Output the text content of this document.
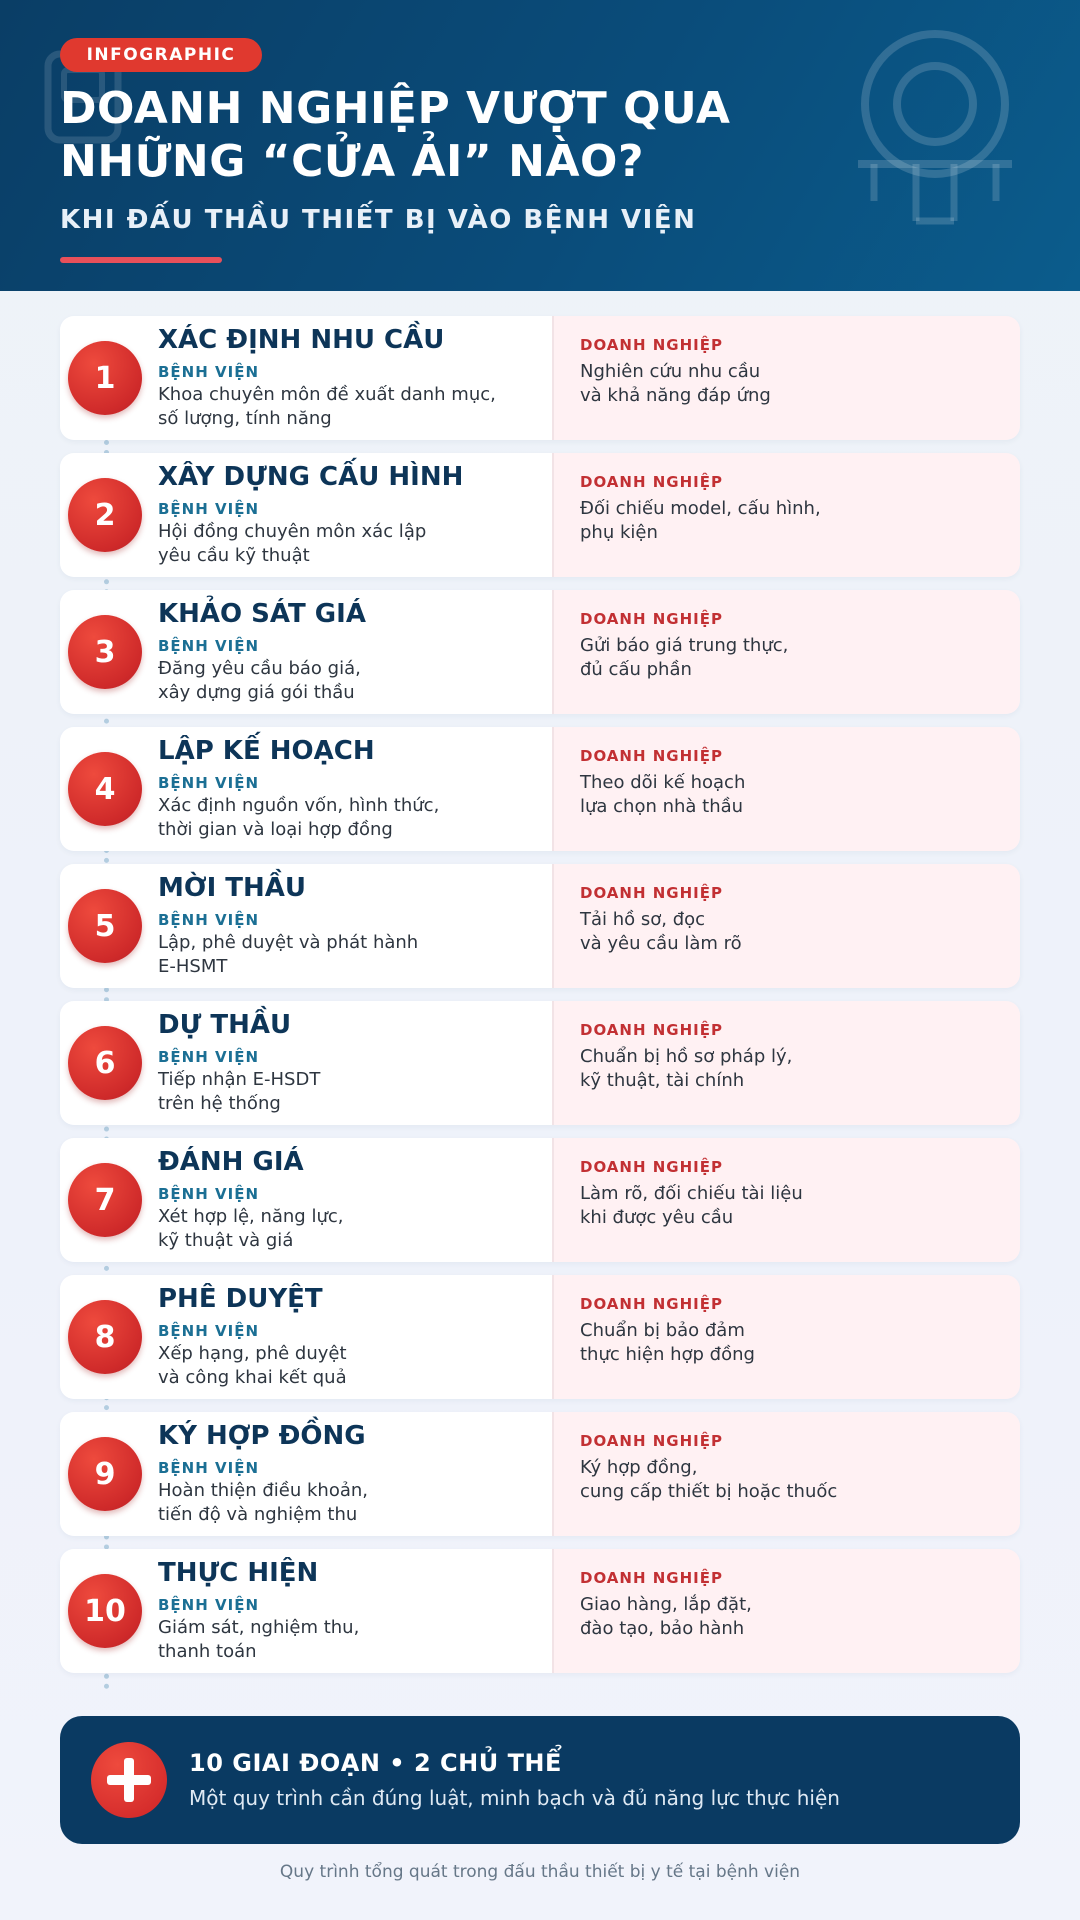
INFOGRAPHIC
DOANH NGHIỆP VƯỢT QUA
NHỮNG “CỬA ẢI” NÀO?
KHI ĐẤU THẦU THIẾT BỊ VÀO BỆNH VIỆN
1
XÁC ĐỊNH NHU CẦU
BỆNH VIỆN
Khoa chuyên môn đề xuất danh mục,
số lượng, tính năng
DOANH NGHIỆP
Nghiên cứu nhu cầu
và khả năng đáp ứng
2
XÂY DỰNG CẤU HÌNH
BỆNH VIỆN
Hội đồng chuyên môn xác lập
yêu cầu kỹ thuật
DOANH NGHIỆP
Đối chiếu model, cấu hình,
phụ kiện
3
KHẢO SÁT GIÁ
BỆNH VIỆN
Đăng yêu cầu báo giá,
xây dựng giá gói thầu
DOANH NGHIỆP
Gửi báo giá trung thực,
đủ cấu phần
4
LẬP KẾ HOẠCH
BỆNH VIỆN
Xác định nguồn vốn, hình thức,
thời gian và loại hợp đồng
DOANH NGHIỆP
Theo dõi kế hoạch
lựa chọn nhà thầu
5
MỜI THẦU
BỆNH VIỆN
Lập, phê duyệt và phát hành
E-HSMT
DOANH NGHIỆP
Tải hồ sơ, đọc
và yêu cầu làm rõ
6
DỰ THẦU
BỆNH VIỆN
Tiếp nhận E-HSDT
trên hệ thống
DOANH NGHIỆP
Chuẩn bị hồ sơ pháp lý,
kỹ thuật, tài chính
7
ĐÁNH GIÁ
BỆNH VIỆN
Xét hợp lệ, năng lực,
kỹ thuật và giá
DOANH NGHIỆP
Làm rõ, đối chiếu tài liệu
khi được yêu cầu
8
PHÊ DUYỆT
BỆNH VIỆN
Xếp hạng, phê duyệt
và công khai kết quả
DOANH NGHIỆP
Chuẩn bị bảo đảm
thực hiện hợp đồng
9
KÝ HỢP ĐỒNG
BỆNH VIỆN
Hoàn thiện điều khoản,
tiến độ và nghiệm thu
DOANH NGHIỆP
Ký hợp đồng,
cung cấp thiết bị hoặc thuốc
10
THỰC HIỆN
BỆNH VIỆN
Giám sát, nghiệm thu,
thanh toán
DOANH NGHIỆP
Giao hàng, lắp đặt,
đào tạo, bảo hành
10 GIAI ĐOẠN • 2 CHỦ THỂ
Một quy trình cần đúng luật, minh bạch và đủ năng lực thực hiện
Quy trình tổng quát trong đấu thầu thiết bị y tế tại bệnh viện
